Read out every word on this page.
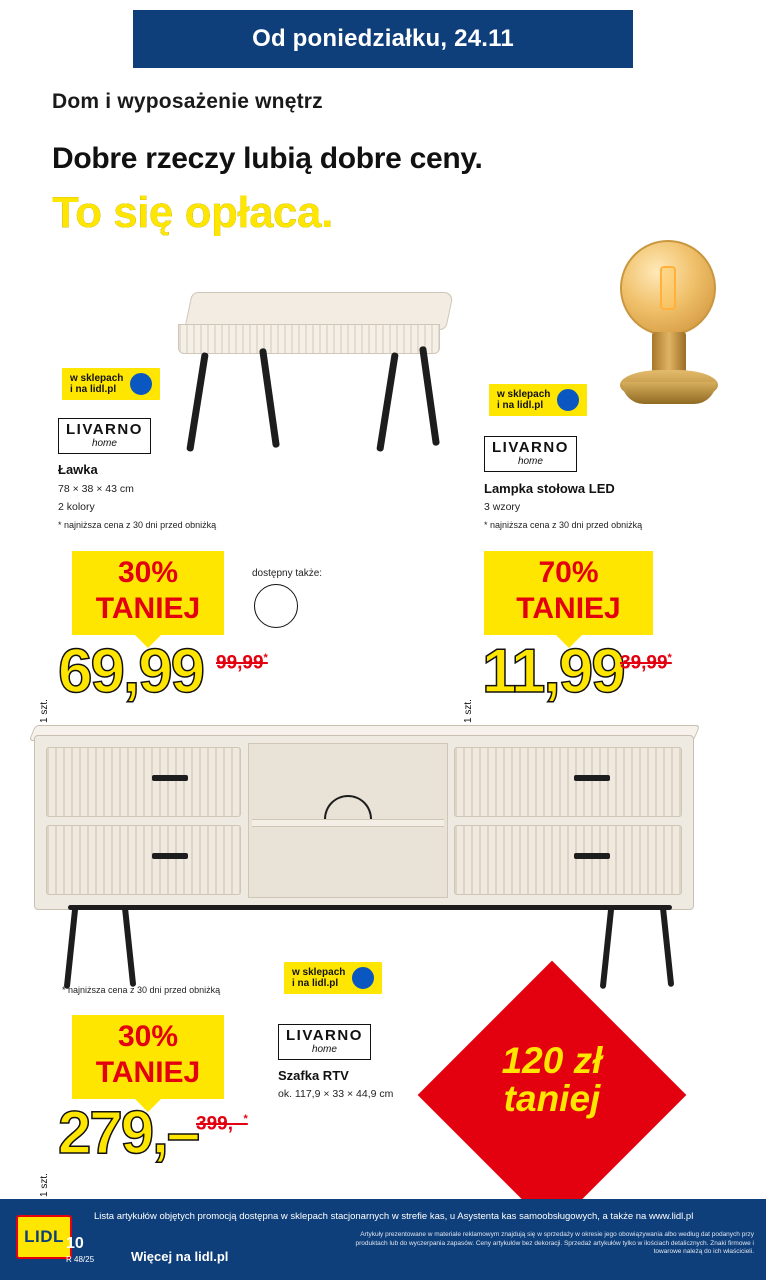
Od poniedziałku, 24.11
Dom i wyposażenie wnętrz
Dobre rzeczy lubią dobre ceny.
To się opłaca.
w sklepach
i na lidl.pl	w sklepach
i na lidl.pl
LIVARNO
home
Ławka
78 × 38 × 43 cm
2 kolory
* najniższa cena z 30 dni przed obniżką
30%
TANIEJ
dostępny także:
69,99 99,99*
1 szt.
LIVARNO
home
Lampka stołowa LED
3 wzory
* najniższa cena z 30 dni przed obniżką
70%
TANIEJ
11,99
39,99*
1 szt.
* najniższa cena z 30 dni przed obniżką
w sklepach
i na lidl.pl
30%
TANIEJ
LIVARNO
home
Szafka RTV
ok. 117,9 × 33 × 44,9 cm
120 zł
taniej
279,–
399,–*
1 szt.
LIDL
Lista artykułów objętych promocją dostępna w sklepach stacjonarnych w strefie kas, u Asystenta kas samoobsługowych, a także na www.lidl.pl
10
R 48/25	Więcej na lidl.pl
Artykuły prezentowane w materiale reklamowym znajdują się w sprzedaży w okresie jego obowiązywania albo według dat podanych przy produktach lub do wyczerpania zapasów. Ceny artykułów bez dekoracji. Sprzedaż artykułów tylko w ilościach detalicznych. Znaki firmowe i towarowe należą do ich właścicieli.
